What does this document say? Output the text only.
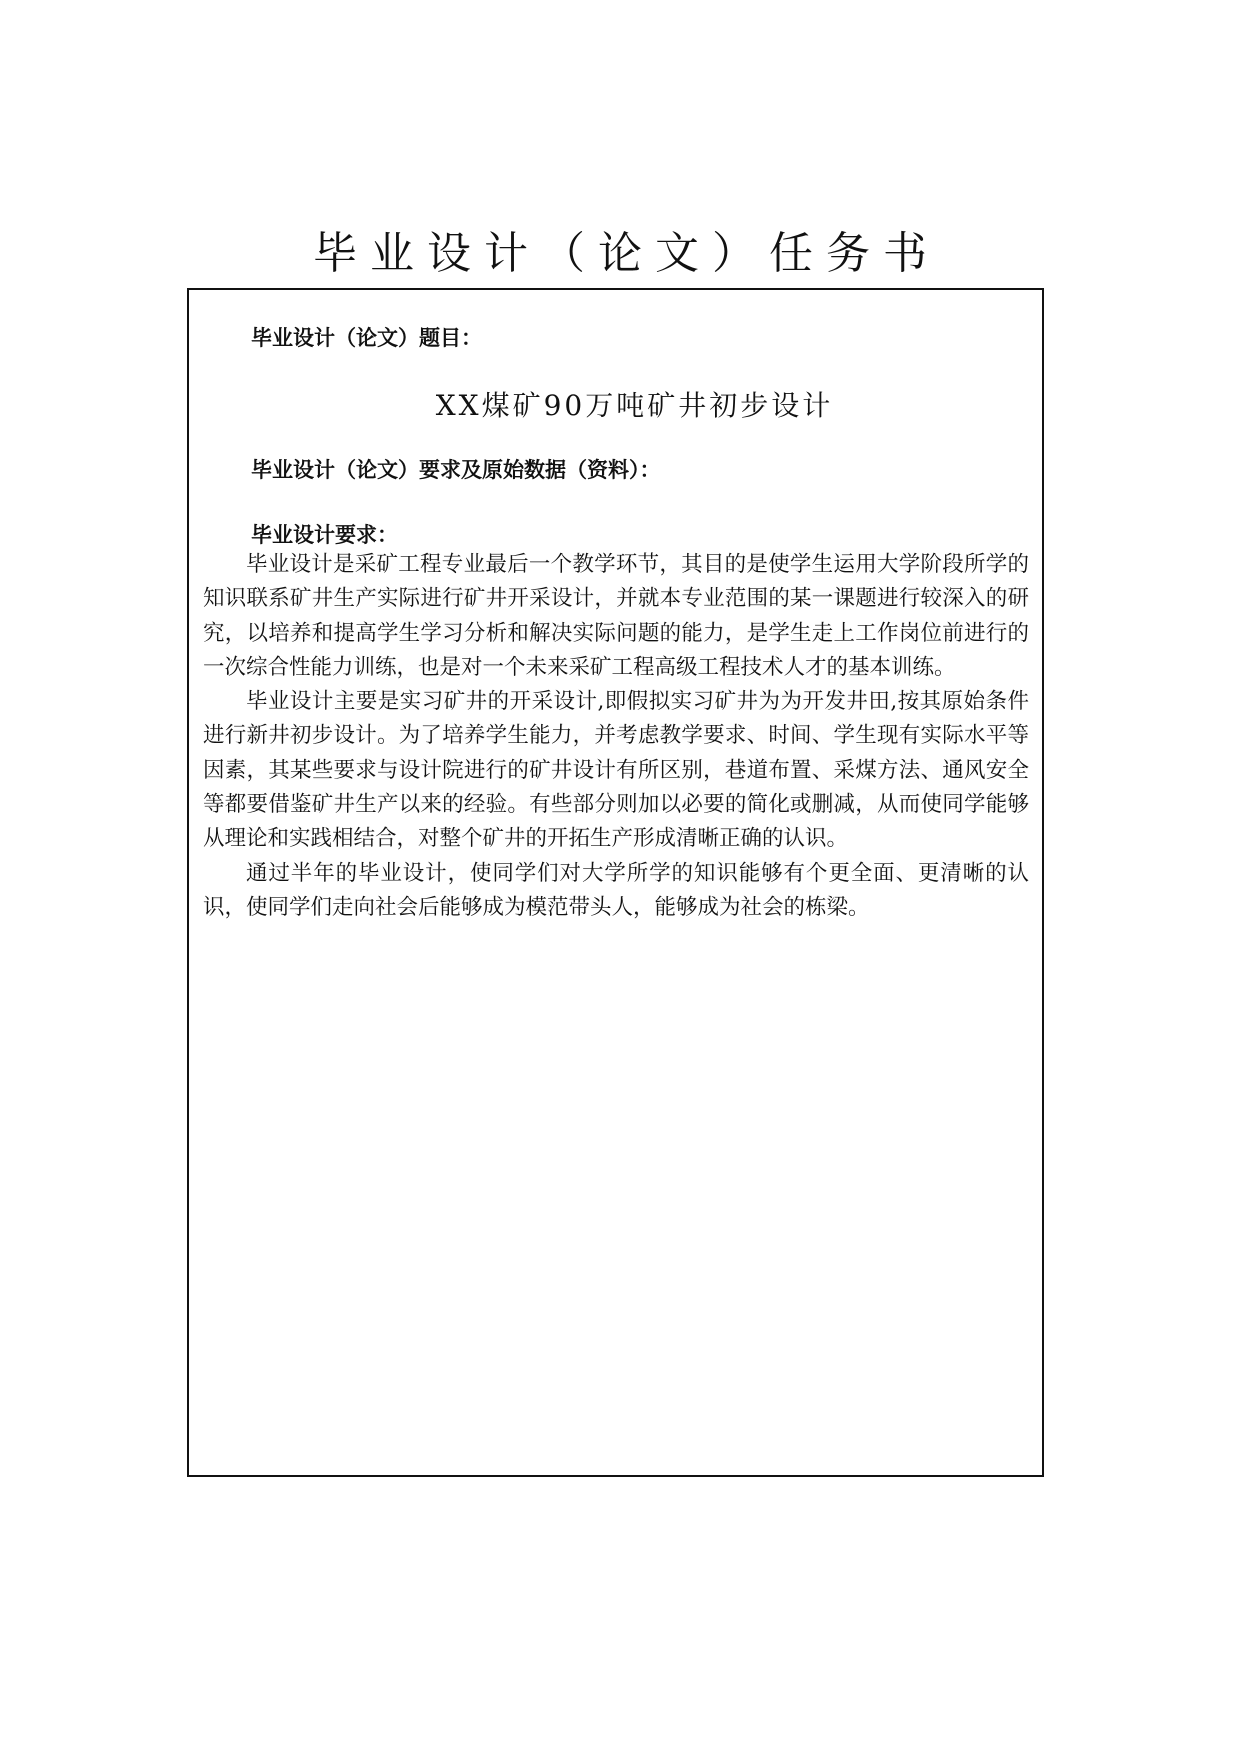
毕业设计（论文）任务书
毕业设计（论文）题目：
XX煤矿90万吨矿井初步设计
毕业设计（论文）要求及原始数据（资料）：
毕业设计要求：

毕业设计是采矿工程专业最后一个教学环节，其目的是使学生运用大学阶段所学的知识联系矿井生产实际进行矿井开采设计，并就本专业范围的某一课题进行较深入的研究，以培养和提高学生学习分析和解决实际问题的能力，是学生走上工作岗位前进行的一次综合性能力训练，也是对一个未来采矿工程高级工程技术人才的基本训练。

毕业设计主要是实习矿井的开采设计,即假拟实习矿井为为开发井田,按其原始条件进行新井初步设计。为了培养学生能力，并考虑教学要求、时间、学生现有实际水平等因素，其某些要求与设计院进行的矿井设计有所区别，巷道布置、采煤方法、通风安全等都要借鉴矿井生产以来的经验。有些部分则加以必要的简化或删减，从而使同学能够从理论和实践相结合，对整个矿井的开拓生产形成清晰正确的认识。

通过半年的毕业设计，使同学们对大学所学的知识能够有个更全面、更清晰的认识，使同学们走向社会后能够成为模范带头人，能够成为社会的栋梁。
